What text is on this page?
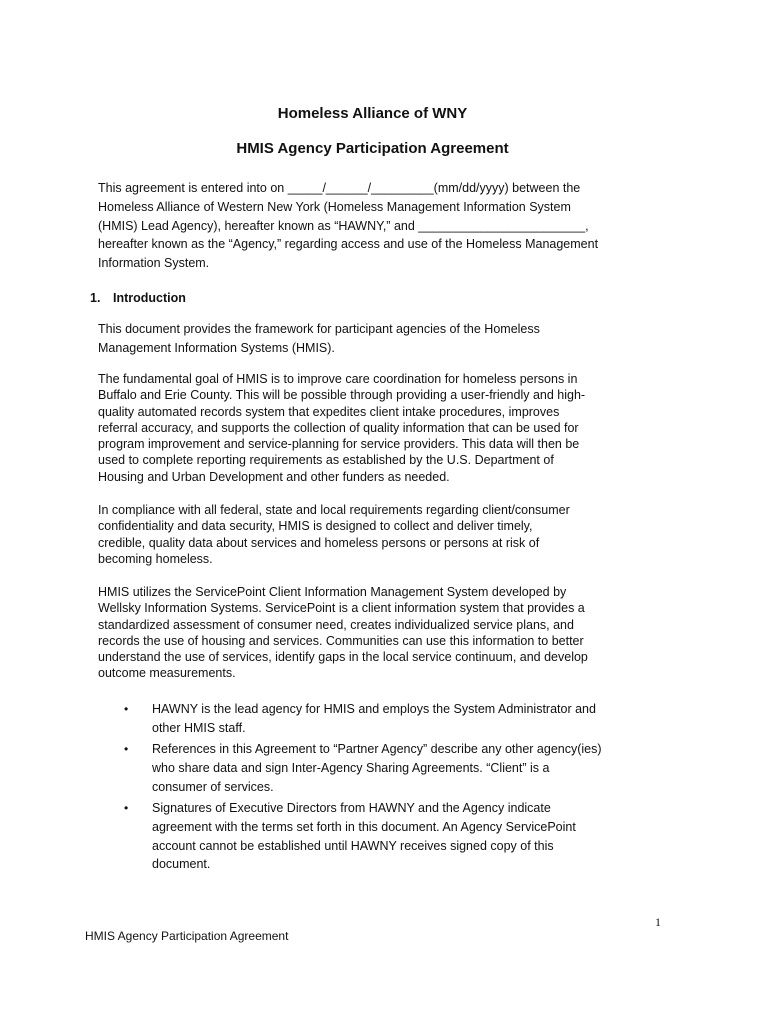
Homeless Alliance of WNY
HMIS Agency Participation Agreement
This agreement is entered into on _____/______/_________(mm/dd/yyyy) between the
Homeless Alliance of Western New York (Homeless Management Information System
(HMIS) Lead Agency), hereafter known as “HAWNY,” and ________________________,
hereafter known as the “Agency,” regarding access and use of the Homeless Management
Information System.
1. Introduction
This document provides the framework for participant agencies of the Homeless
Management Information Systems (HMIS).
The fundamental goal of HMIS is to improve care coordination for homeless persons in
Buffalo and Erie County. This will be possible through providing a user-friendly and high-
quality automated records system that expedites client intake procedures, improves
referral accuracy, and supports the collection of quality information that can be used for
program improvement and service-planning for service providers. This data will then be
used to complete reporting requirements as established by the U.S. Department of
Housing and Urban Development and other funders as needed.
In compliance with all federal, state and local requirements regarding client/consumer
confidentiality and data security, HMIS is designed to collect and deliver timely,
credible, quality data about services and homeless persons or persons at risk of
becoming homeless.
HMIS utilizes the ServicePoint Client Information Management System developed by
Wellsky Information Systems. ServicePoint is a client information system that provides a
standardized assessment of consumer need, creates individualized service plans, and
records the use of housing and services. Communities can use this information to better
understand the use of services, identify gaps in the local service continuum, and develop
outcome measurements.
• HAWNY is the lead agency for HMIS and employs the System Administrator and
other HMIS staff.
• References in this Agreement to “Partner Agency” describe any other agency(ies)
who share data and sign Inter-Agency Sharing Agreements. “Client” is a
consumer of services.
• Signatures of Executive Directors from HAWNY and the Agency indicate
agreement with the terms set forth in this document. An Agency ServicePoint
account cannot be established until HAWNY receives signed copy of this
document.
1
HMIS Agency Participation Agreement
